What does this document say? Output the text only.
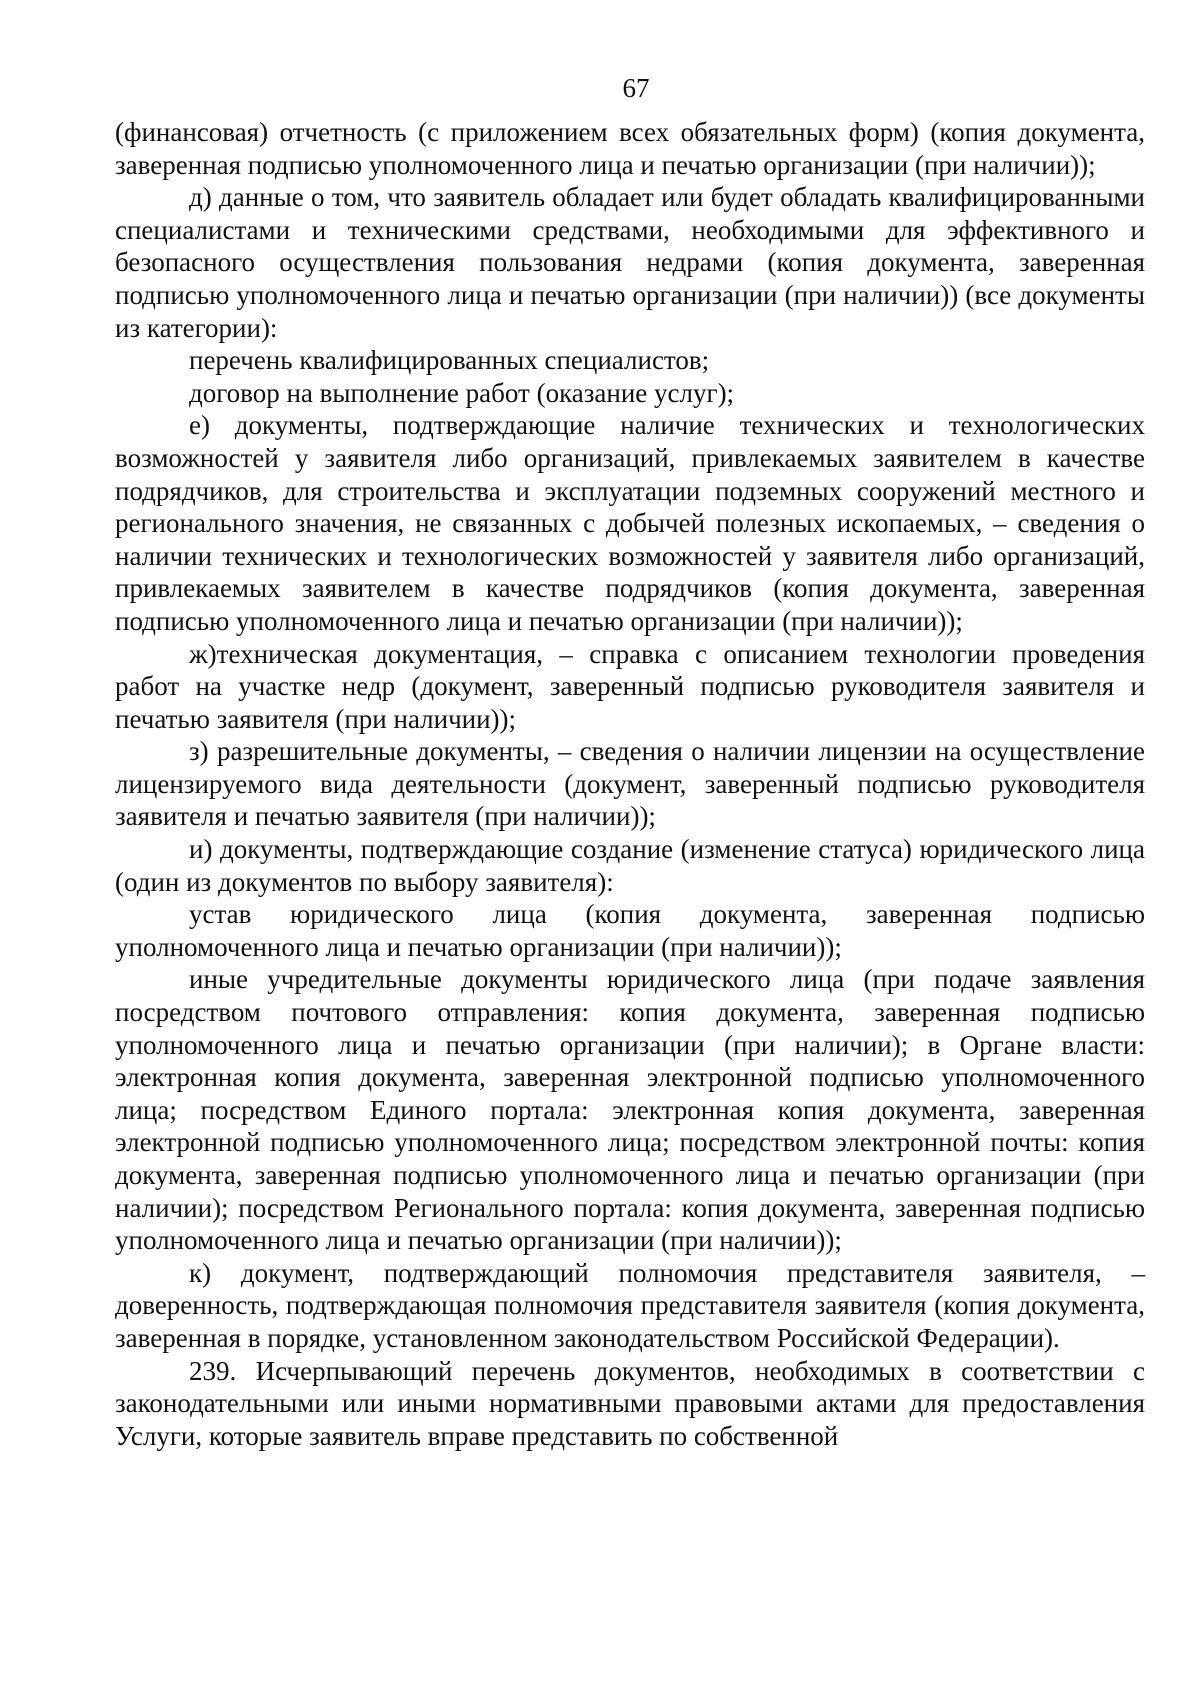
67

(финансовая) отчетность (с приложением всех обязательных форм) (копия документа, заверенная подписью уполномоченного лица и печатью организации (при наличии));

д) данные о том, что заявитель обладает или будет обладать квалифицированными специалистами и техническими средствами, необходимыми для эффективного и безопасного осуществления пользования недрами (копия документа, заверенная подписью уполномоченного лица и печатью организации (при наличии)) (все документы из категории):

перечень квалифицированных специалистов;

договор на выполнение работ (оказание услуг);

е) документы, подтверждающие наличие технических и технологических возможностей у заявителя либо организаций, привлекаемых заявителем в качестве подрядчиков, для строительства и эксплуатации подземных сооружений местного и регионального значения, не связанных с добычей полезных ископаемых, – сведения о наличии технических и технологических возможностей у заявителя либо организаций, привлекаемых заявителем в качестве подрядчиков (копия документа, заверенная подписью уполномоченного лица и печатью организации (при наличии));

ж)техническая документация, – справка с описанием технологии проведения работ на участке недр (документ, заверенный подписью руководителя заявителя и печатью заявителя (при наличии));

з) разрешительные документы, – сведения о наличии лицензии на осуществление лицензируемого вида деятельности (документ, заверенный подписью руководителя заявителя и печатью заявителя (при наличии));

и) документы, подтверждающие создание (изменение статуса) юридического лица (один из документов по выбору заявителя):

устав юридического лица (копия документа, заверенная подписью уполномоченного лица и печатью организации (при наличии));

иные учредительные документы юридического лица (при подаче заявления посредством почтового отправления: копия документа, заверенная подписью уполномоченного лица и печатью организации (при наличии); в Органе власти: электронная копия документа, заверенная электронной подписью уполномоченного лица; посредством Единого портала: электронная копия документа, заверенная электронной подписью уполномоченного лица; посредством электронной почты: копия документа, заверенная подписью уполномоченного лица и печатью организации (при наличии); посредством Регионального портала: копия документа, заверенная подписью уполномоченного лица и печатью организации (при наличии));

к) документ, подтверждающий полномочия представителя заявителя, – доверенность, подтверждающая полномочия представителя заявителя (копия документа, заверенная в порядке, установленном законодательством Российской Федерации).

239. Исчерпывающий перечень документов, необходимых в соответствии с законодательными или иными нормативными правовыми актами для предоставления Услуги, которые заявитель вправе представить по собственной
